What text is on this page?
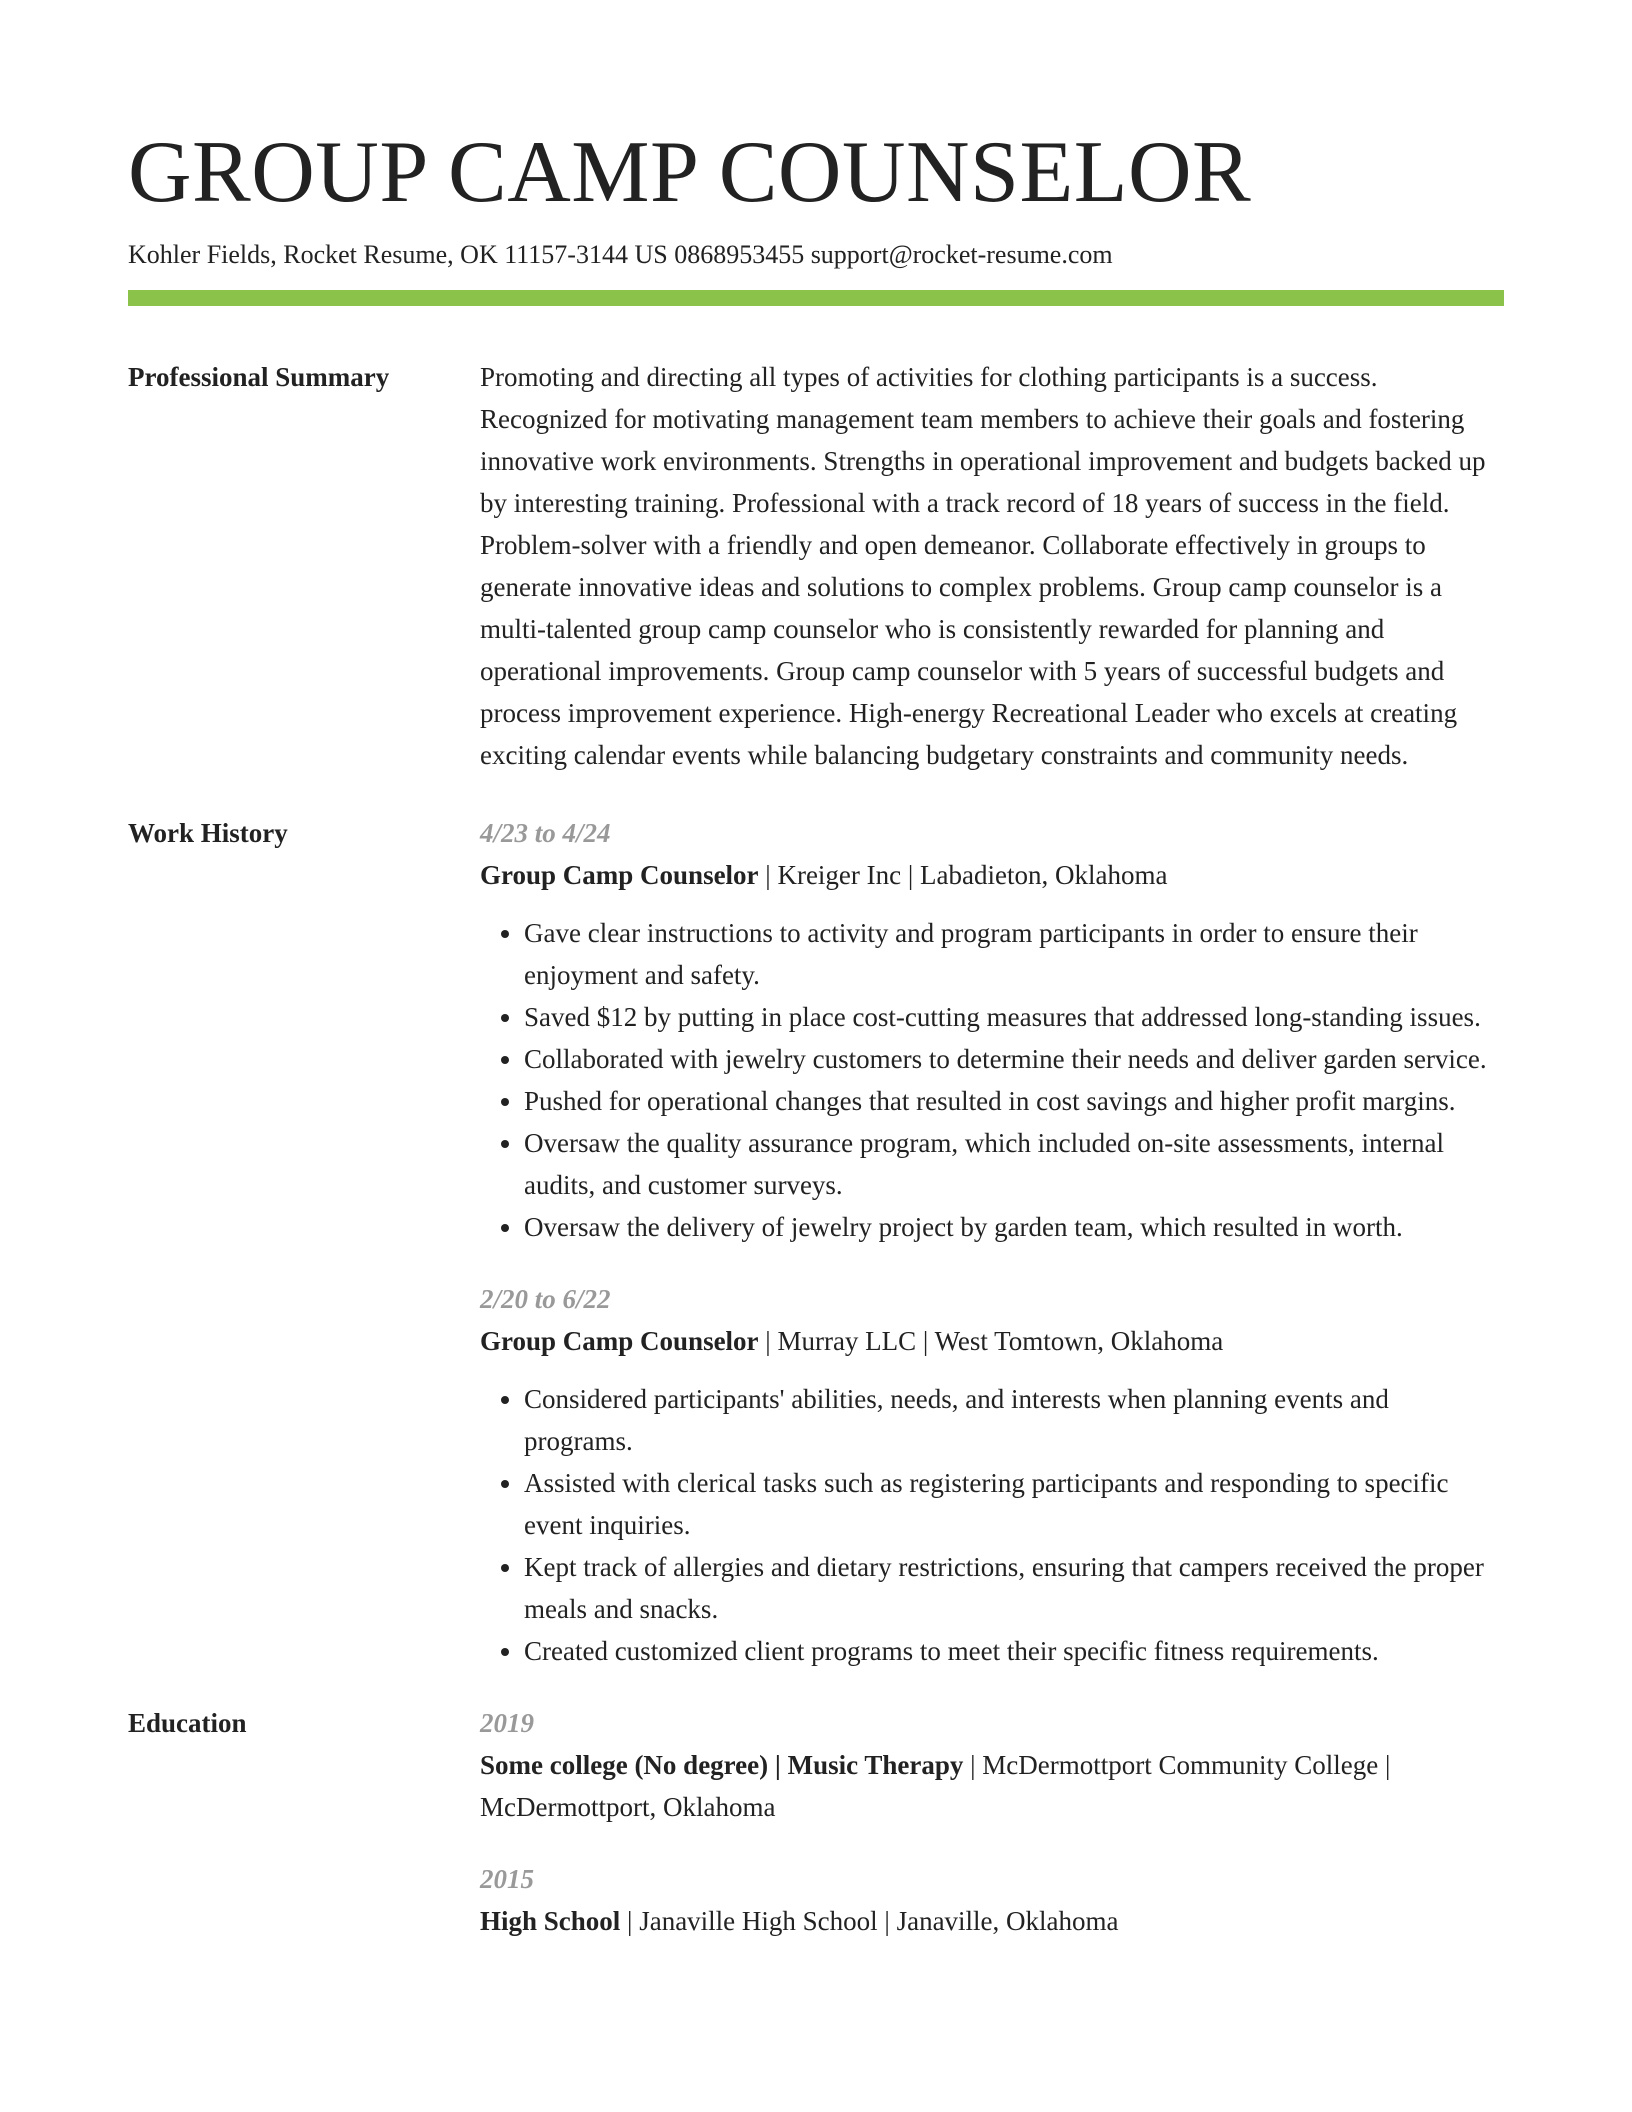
GROUP CAMP COUNSELOR
Kohler Fields, Rocket Resume, OK 11157-3144 US 0868953455 support@rocket-resume.com
Professional Summary	Promoting and directing all types of activities for clothing participants is a success. Recognized for motivating management team members to achieve their goals and fostering innovative work environments. Strengths in operational improvement and budgets backed up by interesting training. Professional with a track record of 18 years of success in the field. Problem-solver with a friendly and open demeanor. Collaborate effectively in groups to generate innovative ideas and solutions to complex problems. Group camp counselor is a multi-talented group camp counselor who is consistently rewarded for planning and operational improvements. Group camp counselor with 5 years of successful budgets and process improvement experience. High-energy Recreational Leader who excels at creating exciting calendar events while balancing budgetary constraints and community needs.

Work History	4/23 to 4/24
Group Camp Counselor | Kreiger Inc | Labadieton, Oklahoma
• Gave clear instructions to activity and program participants in order to ensure their enjoyment and safety.
• Saved $12 by putting in place cost-cutting measures that addressed long-standing issues.
• Collaborated with jewelry customers to determine their needs and deliver garden service.
• Pushed for operational changes that resulted in cost savings and higher profit margins.
• Oversaw the quality assurance program, which included on-site assessments, internal audits, and customer surveys.
• Oversaw the delivery of jewelry project by garden team, which resulted in worth.
2/20 to 6/22
Group Camp Counselor | Murray LLC | West Tomtown, Oklahoma
• Considered participants' abilities, needs, and interests when planning events and programs.
• Assisted with clerical tasks such as registering participants and responding to specific event inquiries.
• Kept track of allergies and dietary restrictions, ensuring that campers received the proper meals and snacks.
• Created customized client programs to meet their specific fitness requirements.
Education	2019
Some college (No degree) | Music Therapy | McDermottport Community College | McDermottport, Oklahoma
2015
High School | Janaville High School | Janaville, Oklahoma
